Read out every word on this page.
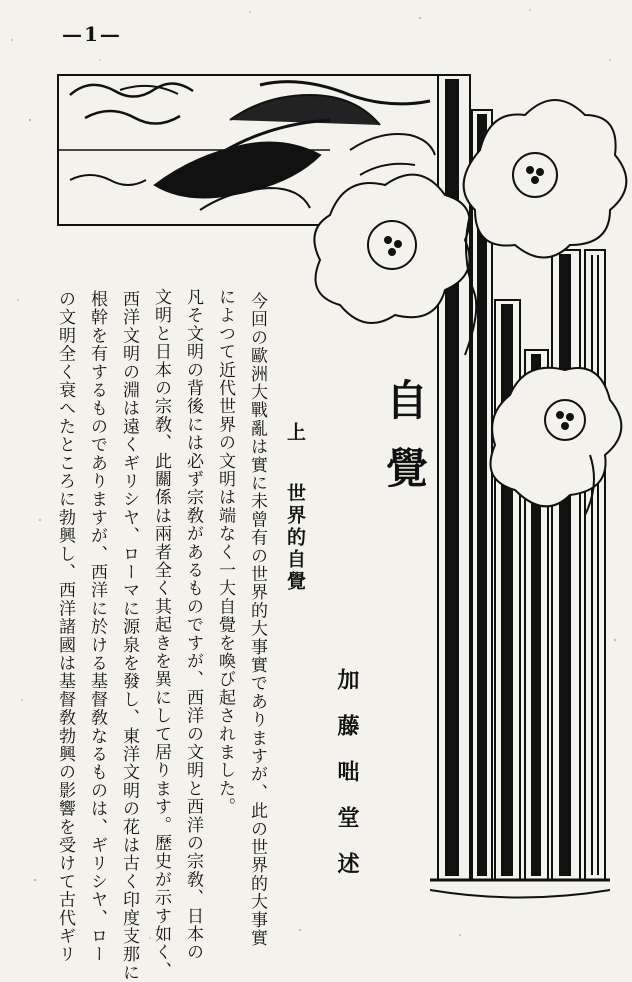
—1—
自覺
加藤咄堂述
上 世界的自覺
今回の歐洲大戰亂は實に未曾有の世界的大事實でありますが、此の世界的大事實
によつて近代世界の文明は端なく一大自覺を喚び起されました。
凡そ文明の背後には必ず宗敎があるものですが、西洋の文明と西洋の宗敎、日本の
文明と日本の宗敎、此關係は兩者全く其起きを異にして居ります。歷史が示す如く、
西洋文明の淵は遠くギリシヤ、ローマに源泉を發し、東洋文明の花は古く印度支那に
根幹を有するものでありますが、西洋に於ける基督敎なるものは、ギリシヤ、ロー
の文明全く衰へたところに勃興し、西洋諸國は基督敎勃興の影響を受けて古代ギリ
